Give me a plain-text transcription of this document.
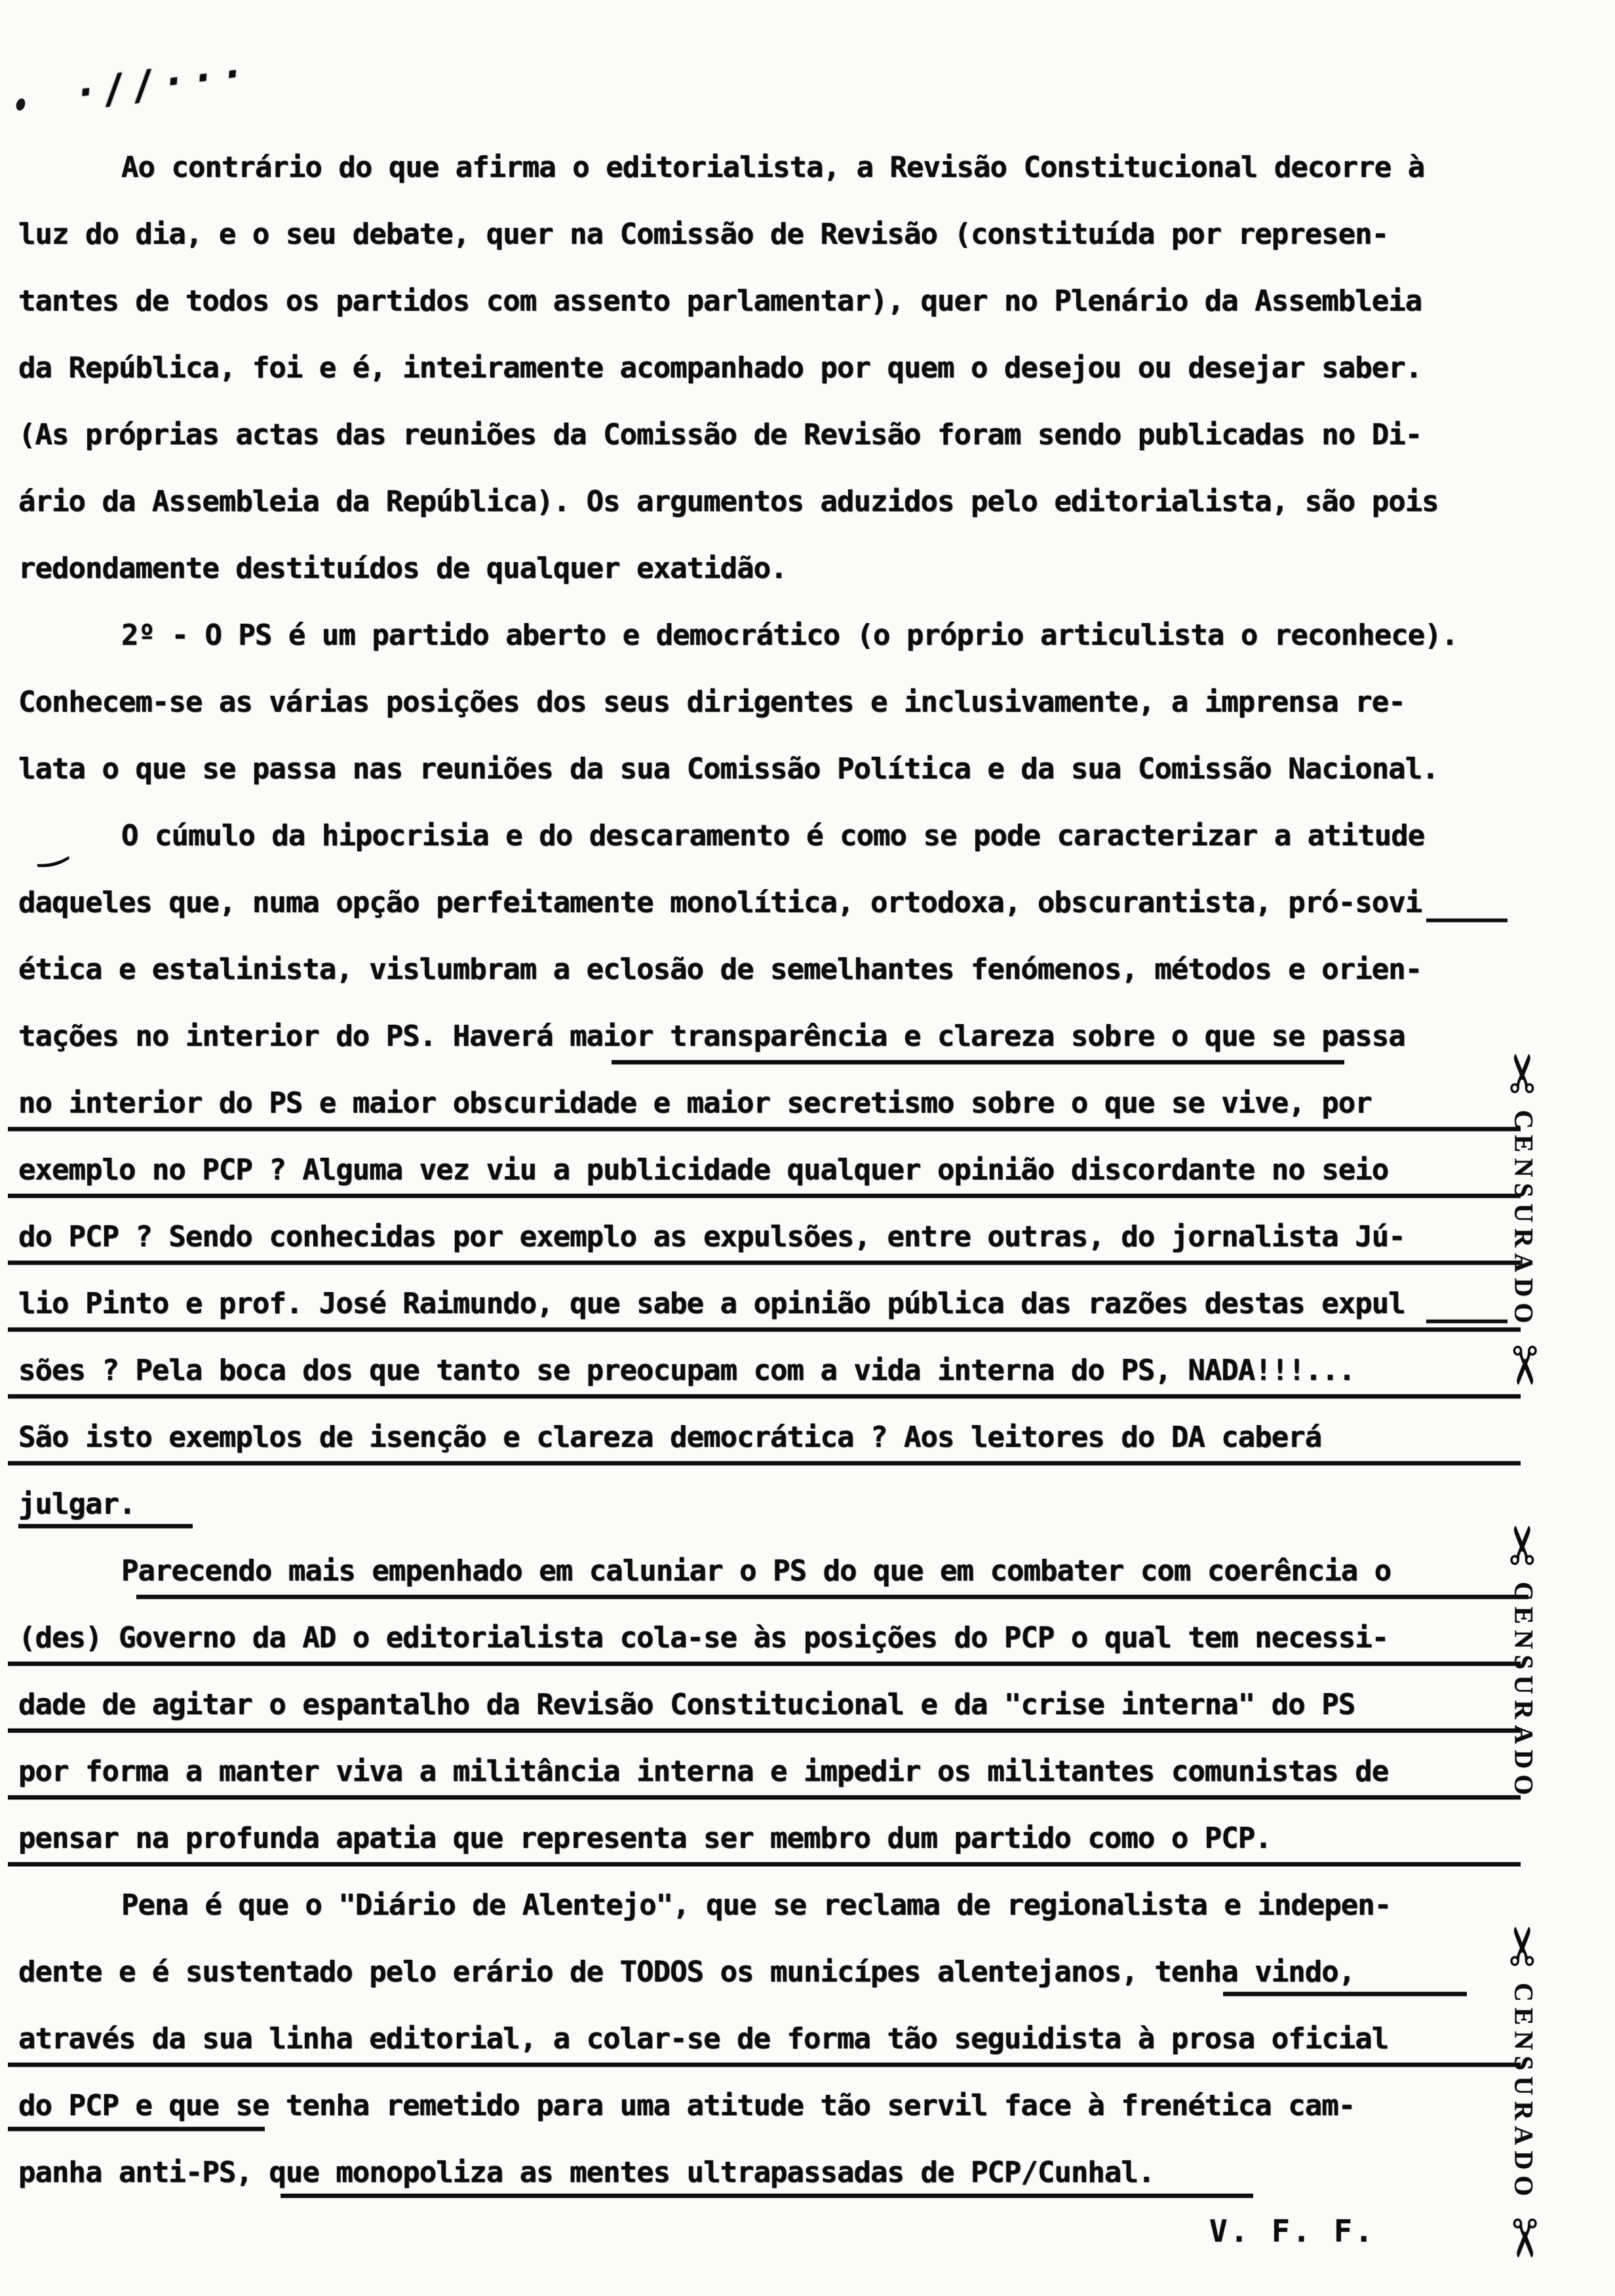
·//···
Ao contrário do que afirma o editorialista, a Revisão Constitucional decorre à
luz do dia, e o seu debate, quer na Comissão de Revisão (constituída por represen-
tantes de todos os partidos com assento parlamentar), quer no Plenário da Assembleia
da República, foi e é, inteiramente acompanhado por quem o desejou ou desejar saber.
(As próprias actas das reuniões da Comissão de Revisão foram sendo publicadas no Di-
ário da Assembleia da República). Os argumentos aduzidos pelo editorialista, são pois
redondamente destituídos de qualquer exatidão.
2º - O PS é um partido aberto e democrático (o próprio articulista o reconhece).
Conhecem-se as várias posições dos seus dirigentes e inclusivamente, a imprensa re-
lata o que se passa nas reuniões da sua Comissão Política e da sua Comissão Nacional.
O cúmulo da hipocrisia e do descaramento é como se pode caracterizar a atitude
daqueles que, numa opção perfeitamente monolítica, ortodoxa, obscurantista, pró-sovi
ética e estalinista, vislumbram a eclosão de semelhantes fenómenos, métodos e orien-
tações no interior do PS. Haverá maior transparência e clareza sobre o que se passa
no interior do PS e maior obscuridade e maior secretismo sobre o que se vive, por
exemplo no PCP ? Alguma vez viu a publicidade qualquer opinião discordante no seio
do PCP ? Sendo conhecidas por exemplo as expulsões, entre outras, do jornalista Jú-
lio Pinto e prof. José Raimundo, que sabe a opinião pública das razões destas expul
sões ? Pela boca dos que tanto se preocupam com a vida interna do PS, NADA!!!...
São isto exemplos de isenção e clareza democrática ? Aos leitores do DA caberá
julgar.
Parecendo mais empenhado em caluniar o PS do que em combater com coerência o
(des) Governo da AD o editorialista cola-se às posições do PCP o qual tem necessi-
dade de agitar o espantalho da Revisão Constitucional e da "crise interna" do PS
por forma a manter viva a militância interna e impedir os militantes comunistas de
pensar na profunda apatia que representa ser membro dum partido como o PCP.
Pena é que o "Diário de Alentejo", que se reclama de regionalista e indepen-
dente e é sustentado pelo erário de TODOS os municípes alentejanos, tenha vindo,
através da sua linha editorial, a colar-se de forma tão seguidista à prosa oficial
do PCP e que se tenha remetido para uma atitude tão servil face à frenética cam-
panha anti-PS, que monopoliza as mentes ultrapassadas de PCP/Cunhal.
‿
✂
CENSURADO
✂
✂
CENSURADO
✂
CENSURADO
✂
V. F. F.
